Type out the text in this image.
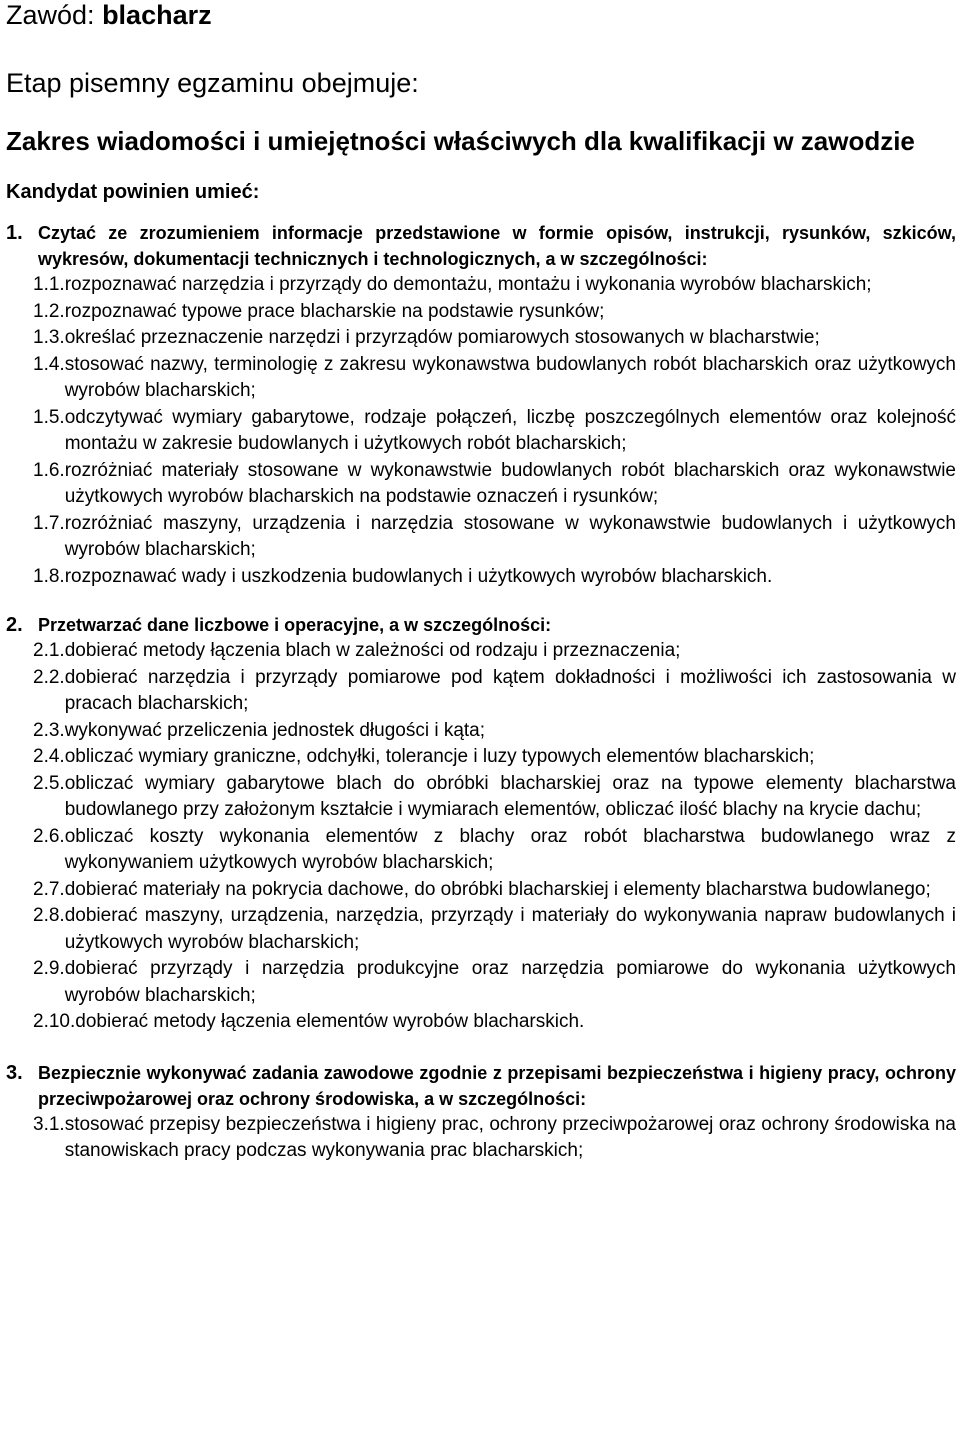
Zawód: blacharz
Etap pisemny egzaminu obejmuje:
Zakres wiadomości i umiejętności właściwych dla kwalifikacji w zawodzie
Kandydat powinien umieć:
1. Czytać ze zrozumieniem informacje przedstawione w formie opisów, instrukcji, rysunków, szkiców, wykresów, dokumentacji technicznych i technologicznych, a w szczególności:
1.1. rozpoznawać narzędzia i przyrządy do demontażu, montażu i wykonania wyrobów blacharskich;
1.2. rozpoznawać typowe prace blacharskie na podstawie rysunków;
1.3. określać przeznaczenie narzędzi i przyrządów pomiarowych stosowanych w blacharstwie;
1.4. stosować nazwy, terminologię z zakresu wykonawstwa budowlanych robót blacharskich oraz użytkowych wyrobów blacharskich;
1.5. odczytywać wymiary gabarytowe, rodzaje połączeń, liczbę poszczególnych elementów oraz kolejność montażu w zakresie budowlanych i użytkowych robót blacharskich;
1.6. rozróżniać materiały stosowane w wykonawstwie budowlanych robót blacharskich oraz wykonawstwie użytkowych wyrobów blacharskich na podstawie oznaczeń i rysunków;
1.7. rozróżniać maszyny, urządzenia i narzędzia stosowane w wykonawstwie budowlanych i użytkowych wyrobów blacharskich;
1.8. rozpoznawać wady i uszkodzenia budowlanych i użytkowych wyrobów blacharskich.
2. Przetwarzać dane liczbowe i operacyjne, a w szczególności:
2.1. dobierać metody łączenia blach w zależności od rodzaju i przeznaczenia;
2.2. dobierać narzędzia i przyrządy pomiarowe pod kątem dokładności i możliwości ich zastosowania w pracach blacharskich;
2.3. wykonywać przeliczenia jednostek długości i kąta;
2.4. obliczać wymiary graniczne, odchyłki, tolerancje i luzy typowych elementów blacharskich;
2.5. obliczać wymiary gabarytowe blach do obróbki blacharskiej oraz na typowe elementy blacharstwa budowlanego przy założonym kształcie i wymiarach elementów, obliczać ilość blachy na krycie dachu;
2.6. obliczać koszty wykonania elementów z blachy oraz robót blacharstwa budowlanego wraz z wykonywaniem użytkowych wyrobów blacharskich;
2.7. dobierać materiały na pokrycia dachowe, do obróbki blacharskiej i elementy blacharstwa budowlanego;
2.8. dobierać maszyny, urządzenia, narzędzia, przyrządy i materiały do wykonywania napraw budowlanych i użytkowych wyrobów blacharskich;
2.9. dobierać przyrządy i narzędzia produkcyjne oraz narzędzia pomiarowe do wykonania użytkowych wyrobów blacharskich;
2.10. dobierać metody łączenia elementów wyrobów blacharskich.
3. Bezpiecznie wykonywać zadania zawodowe zgodnie z przepisami bezpieczeństwa i higieny pracy, ochrony przeciwpożarowej oraz ochrony środowiska, a w szczególności:
3.1. stosować przepisy bezpieczeństwa i higieny prac, ochrony przeciwpożarowej oraz ochrony środowiska na stanowiskach pracy podczas wykonywania prac blacharskich;
